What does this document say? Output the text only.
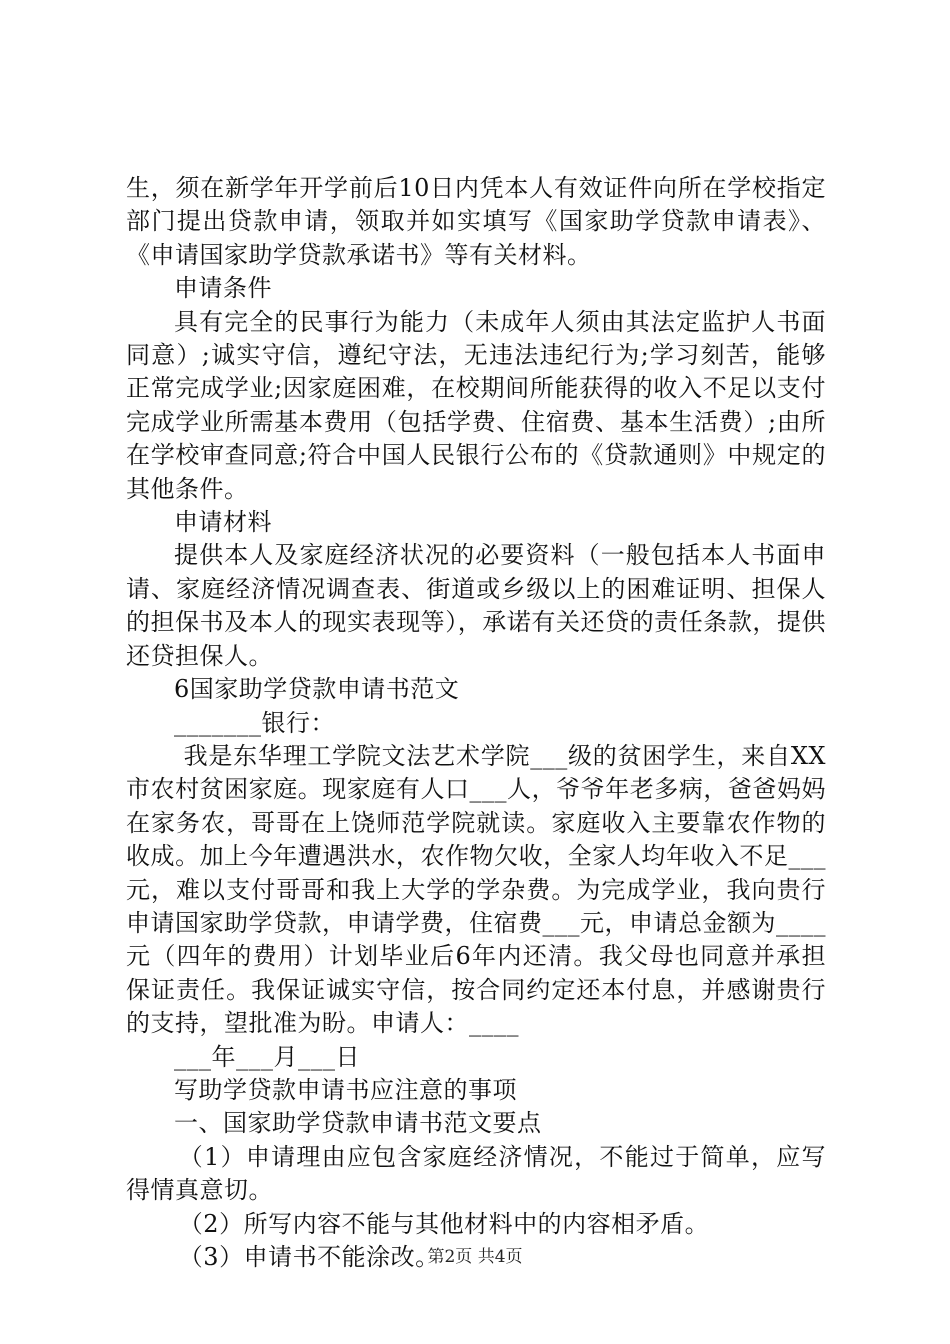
生，须在新学年开学前后10日内凭本人有效证件向所在学校指定部门提出贷款申请，领取并如实填写《国家助学贷款申请表》、《申请国家助学贷款承诺书》等有关材料。

申请条件

具有完全的民事行为能力（未成年人须由其法定监护人书面同意）;诚实守信，遵纪守法，无违法违纪行为;学习刻苦，能够正常完成学业;因家庭困难，在校期间所能获得的收入不足以支付完成学业所需基本费用（包括学费、住宿费、基本生活费）;由所在学校审查同意;符合中国人民银行公布的《贷款通则》中规定的其他条件。

申请材料

提供本人及家庭经济状况的必要资料（一般包括本人书面申请、家庭经济情况调查表、街道或乡级以上的困难证明、担保人的担保书及本人的现实表现等），承诺有关还贷的责任条款，提供还贷担保人。

6国家助学贷款申请书范文

_______银行：

我是东华理工学院文法艺术学院___级的贫困学生，来自XX市农村贫困家庭。现家庭有人口___人，爷爷年老多病，爸爸妈妈在家务农，哥哥在上饶师范学院就读。家庭收入主要靠农作物的收成。加上今年遭遇洪水，农作物欠收，全家人均年收入不足___元，难以支付哥哥和我上大学的学杂费。为完成学业，我向贵行申请国家助学贷款，申请学费，住宿费___元，申请总金额为____元（四年的费用）计划毕业后6年内还清。我父母也同意并承担保证责任。我保证诚实守信，按合同约定还本付息，并感谢贵行的支持，望批准为盼。申请人：____

___年___月___日

写助学贷款申请书应注意的事项

一、国家助学贷款申请书范文要点

（1）申请理由应包含家庭经济情况，不能过于简单，应写得情真意切。

（2）所写内容不能与其他材料中的内容相矛盾。

（3）申请书不能涂改。

第2页 共4页
